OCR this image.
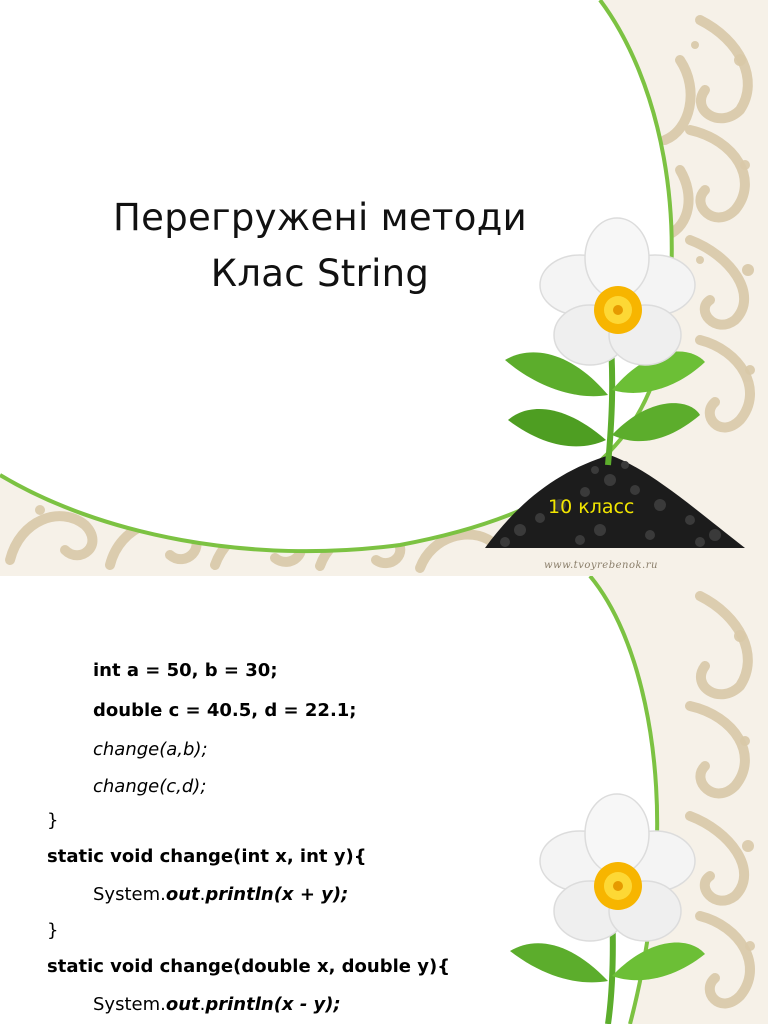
Перегружені методи
Клас String
10 класс
www.tvoyrebenok.ru
int a = 50, b = 30;
double c = 40.5, d = 22.1;
change(a,b);
change(c,d);
}
static void change(int x, int y){
System.out.println(x + y);
}
static void change(double x, double y){
System.out.println(x - y);
